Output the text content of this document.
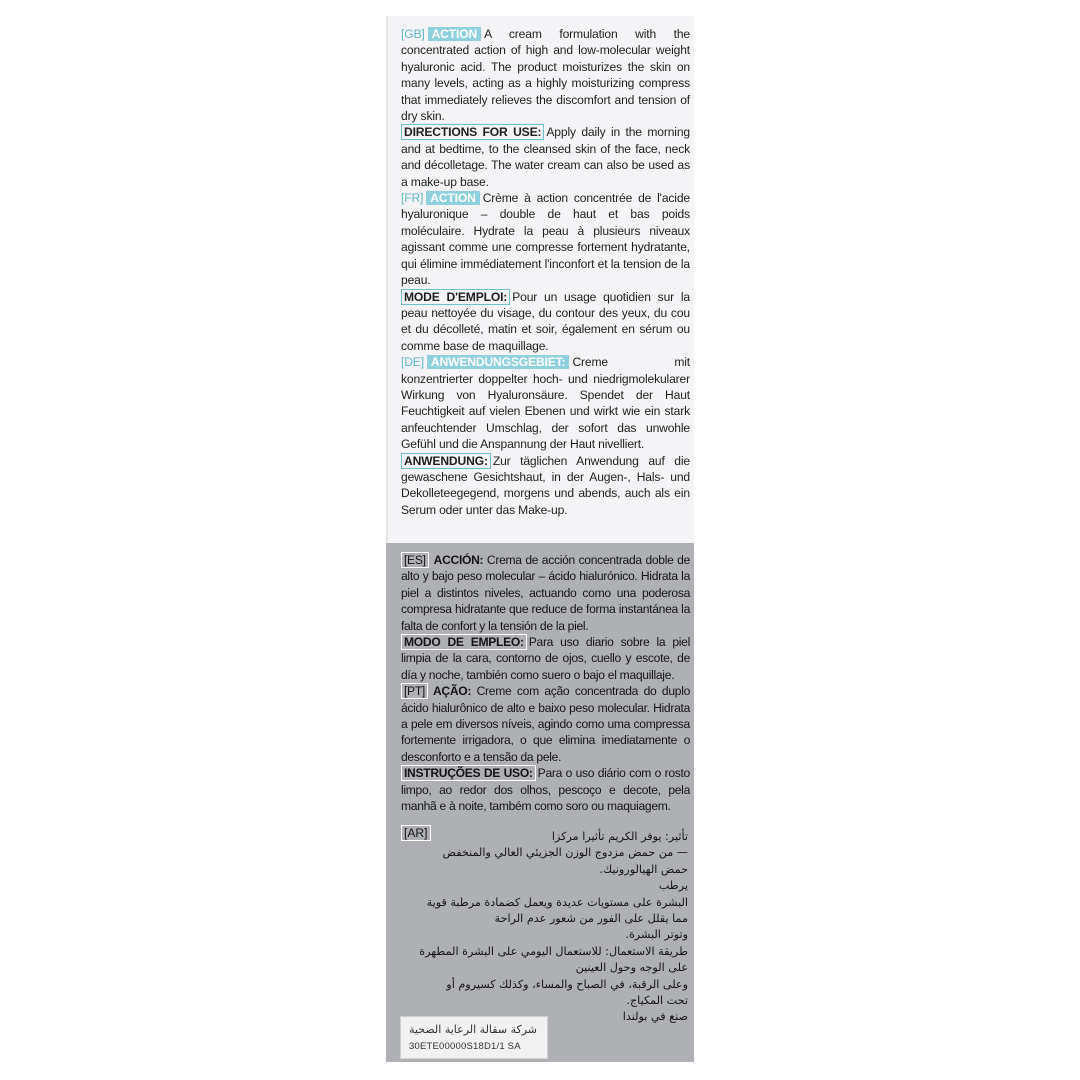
[GB] ACTION A cream formulation with the concentrated action of high and low-molecular weight hyaluronic acid. The product moisturizes the skin on many levels, acting as a highly moisturizing compress that immediately relieves the discomfort and tension of dry skin.

DIRECTIONS FOR USE: Apply daily in the morning and at bedtime, to the cleansed skin of the face, neck and décolletage. The water cream can also be used as a make-up base.

[FR] ACTION Crème à action concentrée de l'acide hyaluronique – double de haut et bas poids moléculaire. Hydrate la peau à plusieurs niveaux agissant comme une compresse fortement hydratante, qui élimine immédiatement l'inconfort et la tension de la peau.

MODE D'EMPLOI: Pour un usage quotidien sur la peau nettoyée du visage, du contour des yeux, du cou et du décolleté, matin et soir, également en sérum ou comme base de maquillage.

[DE] ANWENDUNGSGEBIET: Creme mit konzentrierter doppelter hoch- und niedrigmolekularer Wirkung von Hyaluronsäure. Spendet der Haut Feuchtigkeit auf vielen Ebenen und wirkt wie ein stark anfeuchtender Umschlag, der sofort das unwohle Gefühl und die Anspannung der Haut nivelliert.

ANWENDUNG: Zur täglichen Anwendung auf die gewaschene Gesichtshaut, in der Augen-, Hals- und Dekolleteegegend, morgens und abends, auch als ein Serum oder unter das Make-up.

[ES] ACCIÓN: Crema de acción concentrada doble de alto y bajo peso molecular – ácido hialurónico. Hidrata la piel a distintos niveles, actuando como una poderosa compresa hidratante que reduce de forma instantánea la falta de confort y la tensión de la piel.

MODO DE EMPLEO: Para uso diario sobre la piel limpia de la cara, contorno de ojos, cuello y escote, de día y noche, también como suero o bajo el maquillaje.

[PT] AÇÃO: Creme com ação concentrada do duplo ácido hialurônico de alto e baixo peso molecular. Hidrata a pele em diversos níveis, agindo como uma compressa fortemente irrigadora, o que elimina imediatamente o desconforto e a tensão da pele.

INSTRUÇÕES DE USO: Para o uso diário com o rosto limpo, ao redor dos olhos, pescoço e decote, pela manhã e à noite, também como soro ou maquiagem.

[AR]	تأثير: يوفر الكريم تأثيرا مركزا

— من حمض مزدوج الوزن الجزيئي العالي والمنخفض

حمض الهيالورونيك.

يرطب

البشرة على مستويات عديدة ويعمل كضمادة مرطبة قوية

مما يقلل على الفور من شعور عدم الراحة

وتوتر البشرة.

طريقة الاستعمال: للاستعمال اليومي على البشرة المطهرة

على الوجه وحول العينين

وعلى الرقبة، في الصباح والمساء، وكذلك كسيروم أو

تحت المكياج.

صنع في بولندا

شركة سقالة الرعاية الصحية
30ETE00000S18D1/1 SA
